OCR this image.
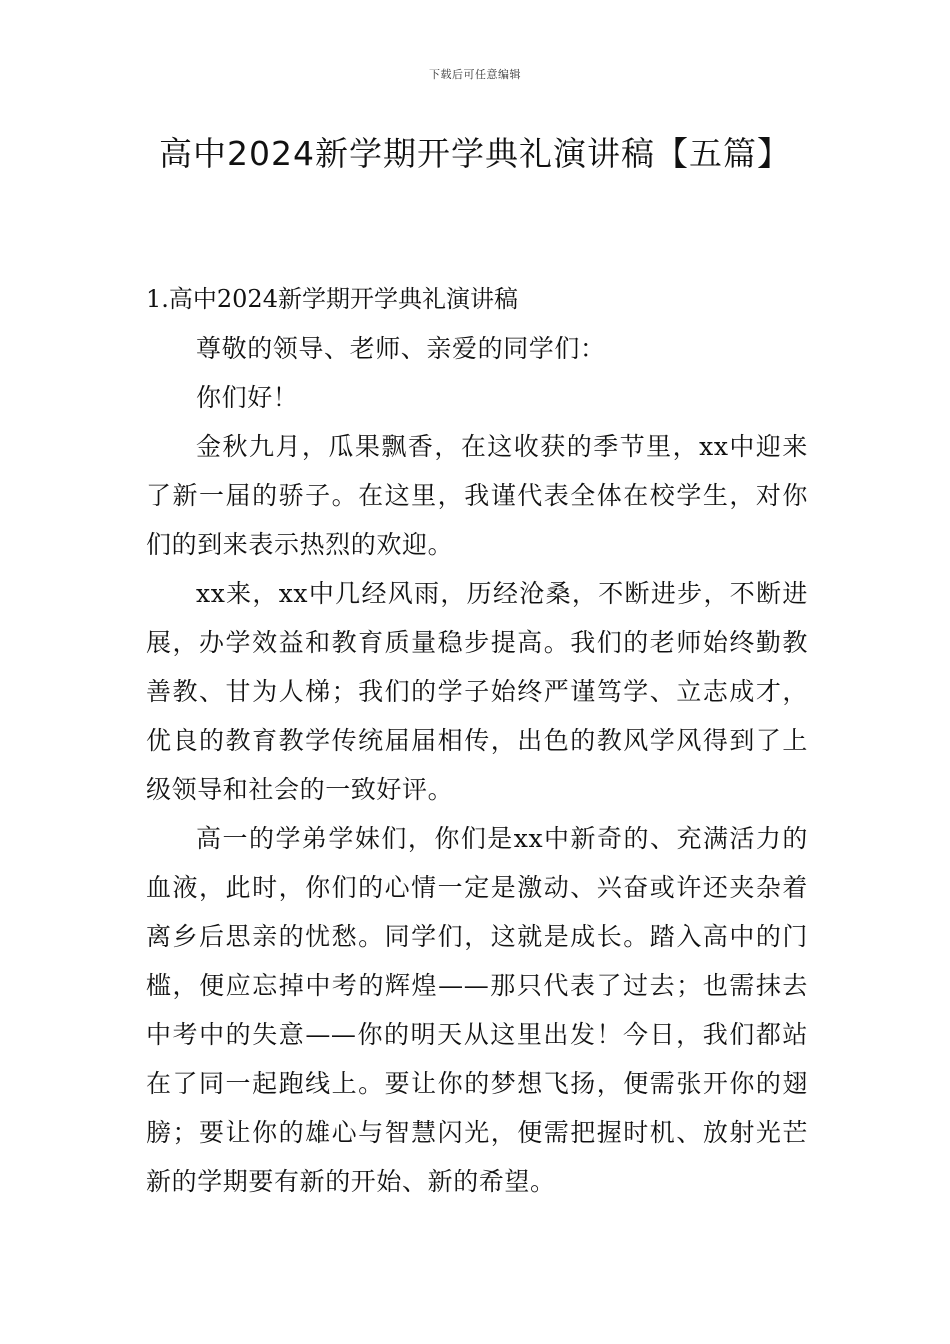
下载后可任意编辑
高中2024新学期开学典礼演讲稿【五篇】

1.高中2024新学期开学典礼演讲稿

尊敬的领导、老师、亲爱的同学们：

你们好！

金秋九月，瓜果飘香，在这收获的季节里，xx中迎来了新一届的骄子。在这里，我谨代表全体在校学生，对你们的到来表示热烈的欢迎。

xx来，xx中几经风雨，历经沧桑，不断进步，不断进展，办学效益和教育质量稳步提高。我们的老师始终勤教善教、甘为人梯；我们的学子始终严谨笃学、立志成才，优良的教育教学传统届届相传，出色的教风学风得到了上级领导和社会的一致好评。

高一的学弟学妹们，你们是xx中新奇的、充满活力的血液，此时，你们的心情一定是激动、兴奋或许还夹杂着离乡后思亲的忧愁。同学们，这就是成长。踏入高中的门槛，便应忘掉中考的辉煌——那只代表了过去；也需抹去中考中的失意——你的明天从这里出发！今日，我们都站在了同一起跑线上。要让你的梦想飞扬，便需张开你的翅膀；要让你的雄心与智慧闪光，便需把握时机、放射光芒新的学期要有新的开始、新的希望。
